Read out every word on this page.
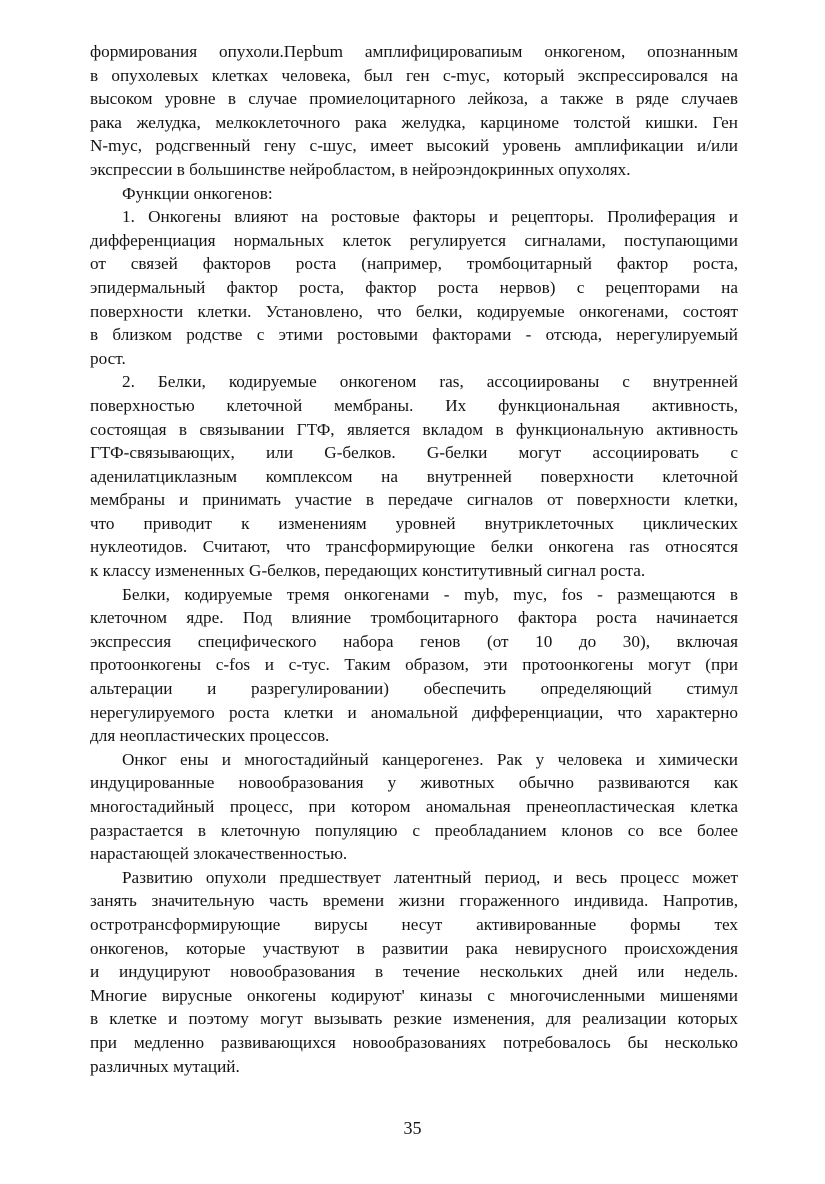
формирования опухоли.Перbum амплифицировапиым онкогеном, опознанным
в опухолевых клетках человека, был ген c-myc, который экспрессировался на
высоком уровне в случае промиелоцитарного лейкоза, а также в ряде случаев
рака желудка, мелкоклеточного рака желудка, карциноме толстой кишки. Ген
N-myc, родсгвенный гену c-шус, имеет высокий уровень амплификации и/или
экспрессии в большинстве нейробластом, в нейроэндокринных опухолях.
Функции онкогенов:
1. Онкогены влияют на ростовые факторы и рецепторы. Пролиферация и
дифференциация нормальных клеток регулируется сигналами, поступающими
от связей факторов роста (например, тромбоцитарный фактор роста,
эпидермальный фактор роста, фактор роста нервов) с рецепторами на
поверхности клетки. Установлено, что белки, кодируемые онкогенами, состоят
в близком родстве с этими ростовыми факторами - отсюда, нерегулируемый
рост.
2. Белки, кодируемые онкогеном ras, ассоциированы с внутренней
поверхностью клеточной мембраны. Их функциональная активность,
состоящая в связывании ГТФ, является вкладом в функциональную активность
ГТФ-связывающих, или G-белков. G-белки могут ассоциировать с
аденилатциклазным комплексом на внутренней поверхности клеточной
мембраны и принимать участие в передаче сигналов от поверхности клетки,
что приводит к изменениям уровней внутриклеточных циклических
нуклеотидов. Считают, что трансформирующие белки онкогена ras относятся
к классу измененных G-белков, передающих конститутивный сигнал роста.
Белки, кодируемые тремя онкогенами - myb, myc, fos - размещаются в
клеточном ядре. Под влияние тромбоцитарного фактора роста начинается
экспрессия специфического набора генов (от 10 до 30), включая
протоонкогены c-fos и c-тус. Таким образом, эти протоонкогены могут (при
альтерации и разрегулировании) обеспечить определяющий стимул
нерегулируемого роста клетки и аномальной дифференциации, что характерно
для неопластических процессов.
Онког ены и многостадийный канцерогенез. Рак у человека и химически
индуцированные новообразования у животных обычно развиваются как
многостадийный процесс, при котором аномальная пренеопластическая клетка
разрастается в клеточную популяцию с преобладанием клонов со все более
нарастающей злокачественностью.
Развитию опухоли предшествует латентный период, и весь процесс может
занять значительную часть времени жизни ггораженного индивида. Напротив,
остротрансформирующие вирусы несут активированные формы тех
онкогенов, которые участвуют в развитии рака невирусного происхождения
и индуцируют новообразования в течение нескольких дней или недель.
Многие вирусные онкогены кодируют' киназы с многочисленными мишенями
в клетке и поэтому могут вызывать резкие изменения, для реализации которых
при медленно развивающихся новообразованиях потребовалось бы несколько
различных мутаций.
35
